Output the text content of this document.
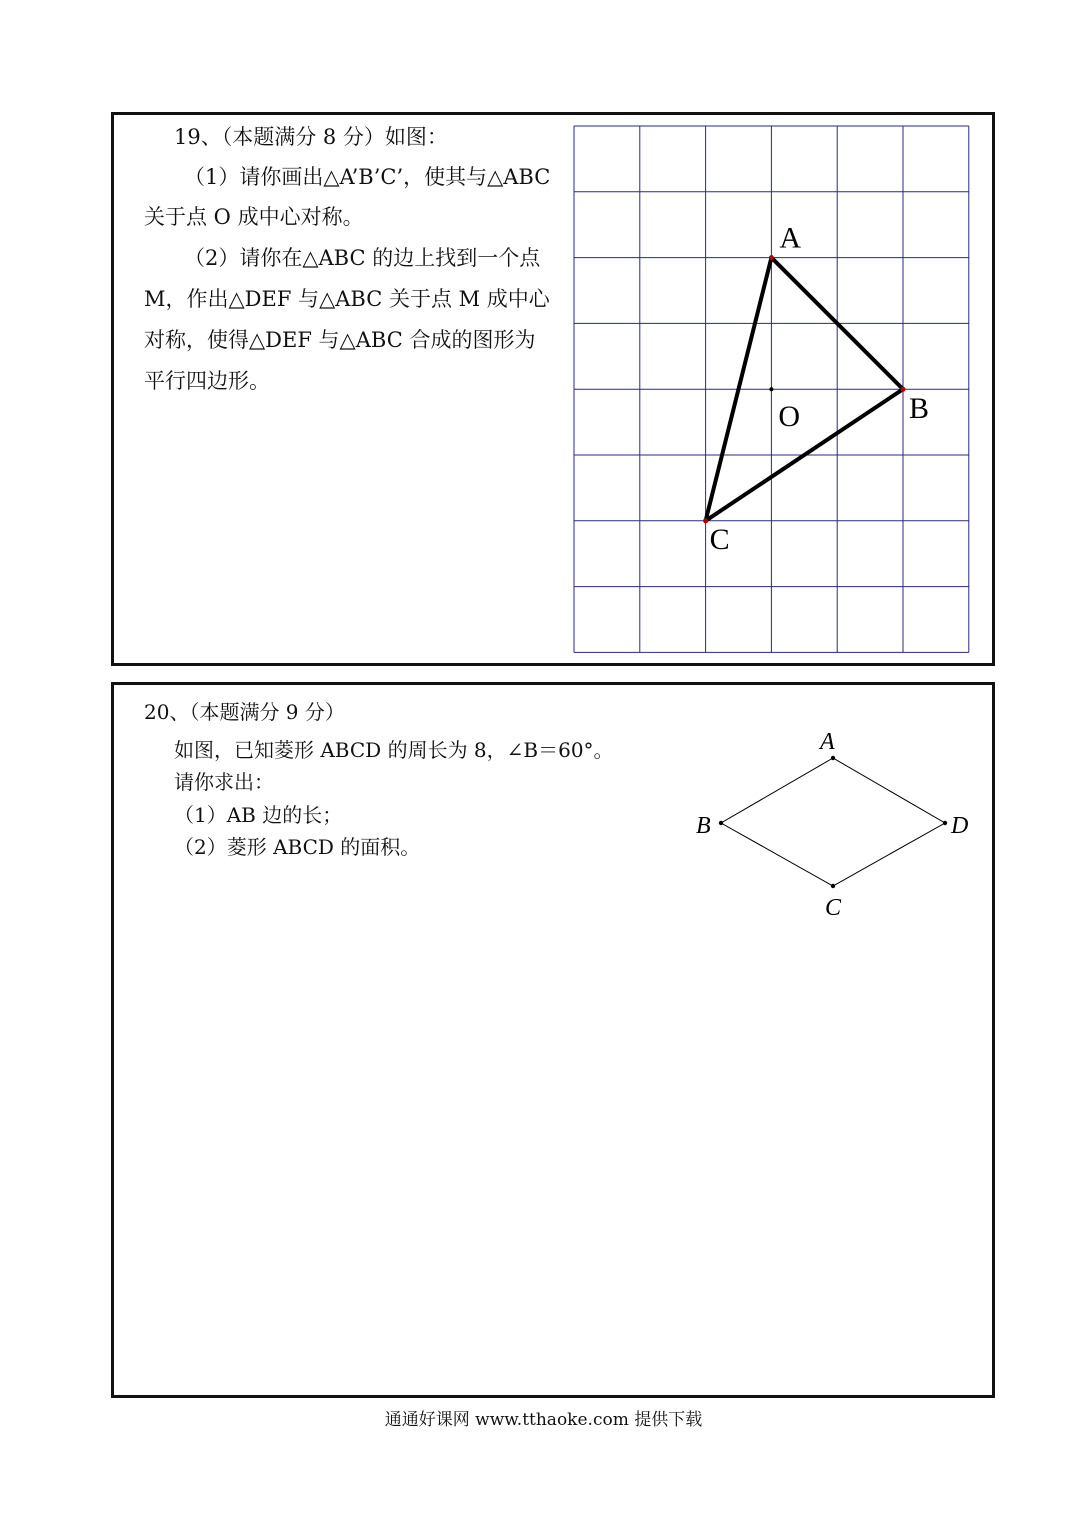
19、（本题满分 8 分）如图：
（1）请你画出△A’B’C’，使其与△ABC
关于点 O 成中心对称。
（2）请你在△ABC 的边上找到一个点
M，作出△DEF 与△ABC 关于点 M 成中心
对称，使得△DEF 与△ABC 合成的图形为
平行四边形。
A
B
C
O
20、（本题满分 9 分）
如图，已知菱形 ABCD 的周长为 8，∠B＝60°。
请你求出：
（1）AB 边的长；
（2）菱形 ABCD 的面积。
A
B
C
D
通通好课网 www.tthaoke.com 提供下载
